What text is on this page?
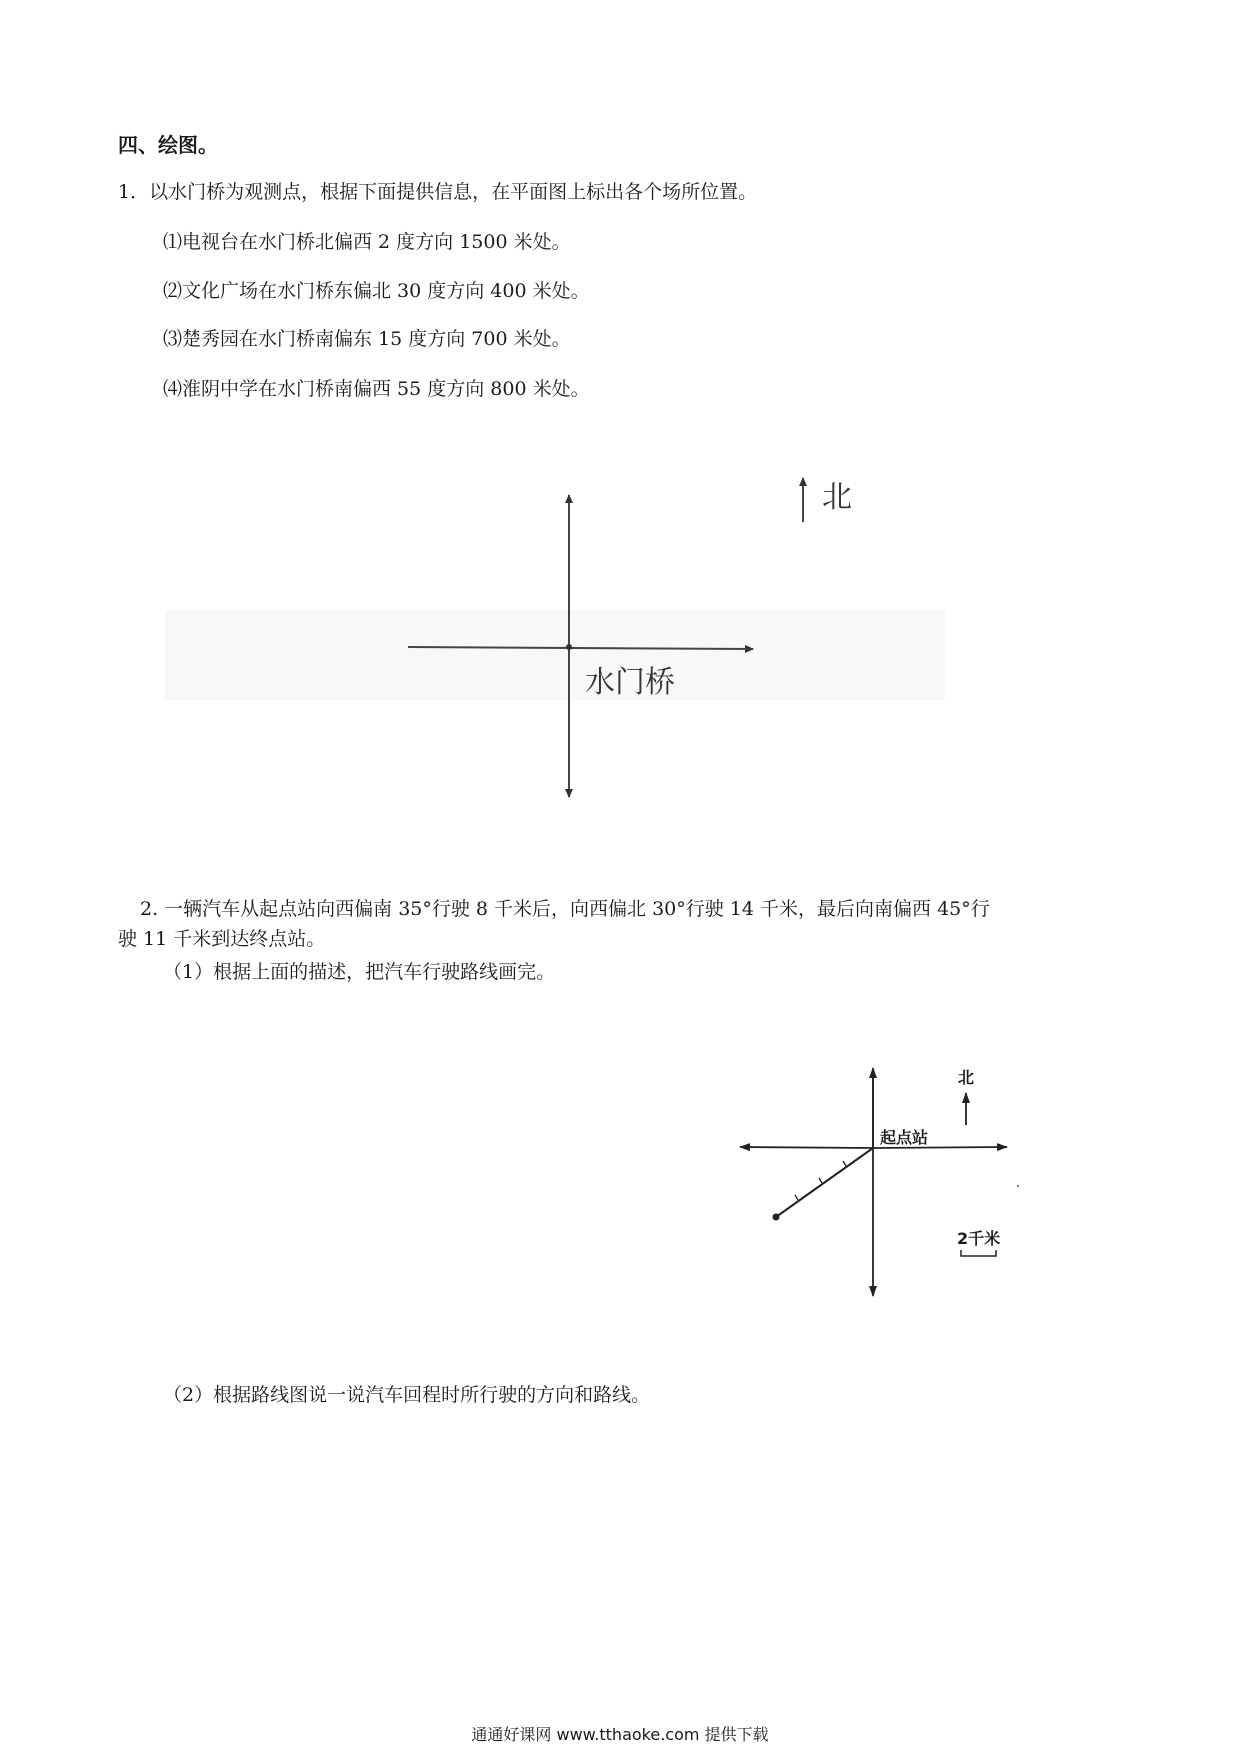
四、绘图。
1．以水门桥为观测点，根据下面提供信息，在平面图上标出各个场所位置。
⑴电视台在水门桥北偏西 2 度方向 1500 米处。
⑵文化广场在水门桥东偏北 30 度方向 400 米处。
⑶楚秀园在水门桥南偏东 15 度方向 700 米处。
⑷淮阴中学在水门桥南偏西 55 度方向 800 米处。
北
水门桥
2. 一辆汽车从起点站向西偏南 35°行驶 8 千米后，向西偏北 30°行驶 14 千米，最后向南偏西 45°行
驶 11 千米到达终点站。
（1）根据上面的描述，把汽车行驶路线画完。
北
起点站
2千米
（2）根据路线图说一说汽车回程时所行驶的方向和路线。
通通好课网 www.tthaoke.com 提供下载
